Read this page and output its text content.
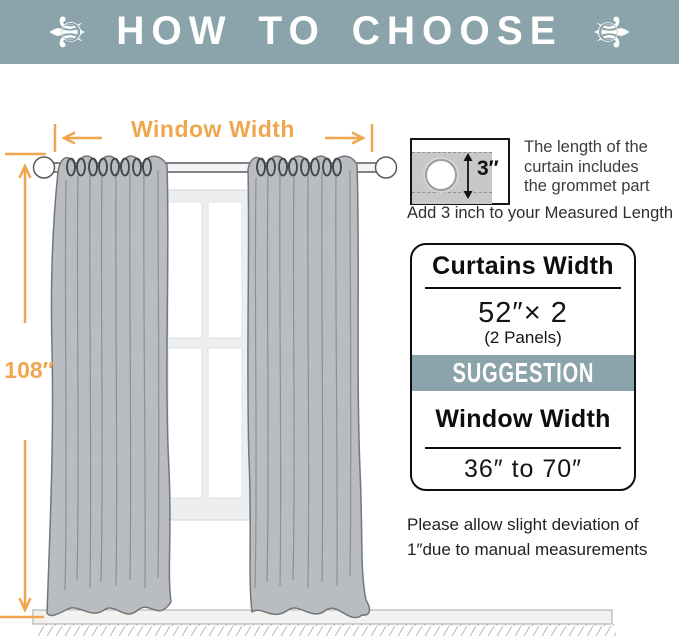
⚜ HOW TO CHOOSE ⚜
Window Width
108″
3″
The length of the
curtain includes
the grommet part
Add 3 inch to your Measured Length
Curtains Width
52″× 2
(2 Panels)
SUGGESTION
Window Width
36″ to 70″
Please allow slight deviation of
1″due to manual measurements
